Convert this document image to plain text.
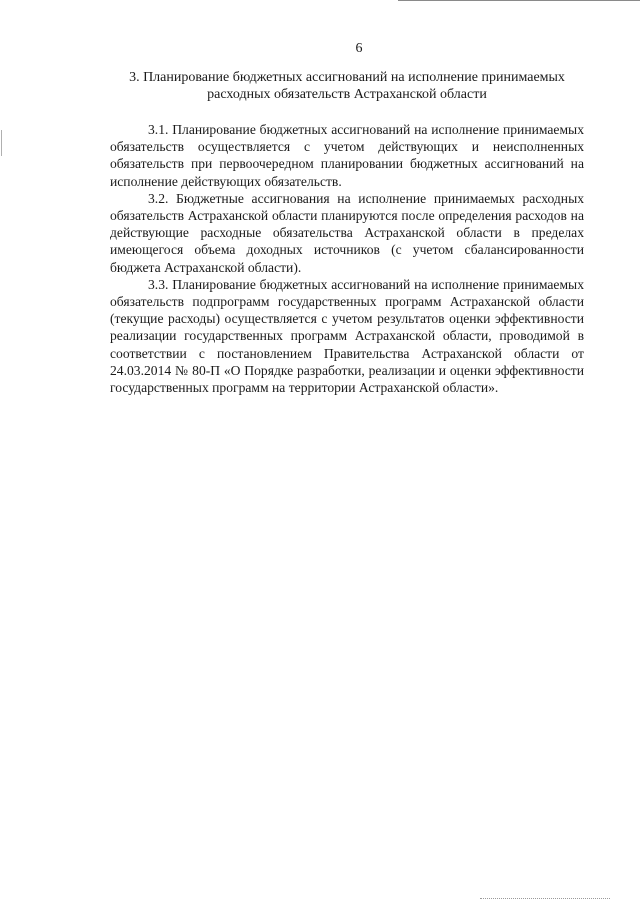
6
3. Планирование бюджетных ассигнований на исполнение принимаемых расходных обязательств Астраханской области

3.1. Планирование бюджетных ассигнований на исполнение принимаемых обязательств осуществляется с учетом действующих и неисполненных обязательств при первоочередном планировании бюджетных ассигнований на исполнение действующих обязательств.

3.2. Бюджетные ассигнования на исполнение принимаемых расходных обязательств Астраханской области планируются после определения расходов на действующие расходные обязательства Астраханской области в пределах имеющегося объема доходных источников (с учетом сбалансированности бюджета Астраханской области).

3.3. Планирование бюджетных ассигнований на исполнение принимаемых обязательств подпрограмм государственных программ Астраханской области (текущие расходы) осуществляется с учетом результатов оценки эффективности реализации государственных программ Астраханской области, проводимой в соответствии с постановлением Правительства Астраханской области от 24.03.2014 № 80-П «О Порядке разработки, реализации и оценки эффективности государственных программ на территории Астраханской области».
